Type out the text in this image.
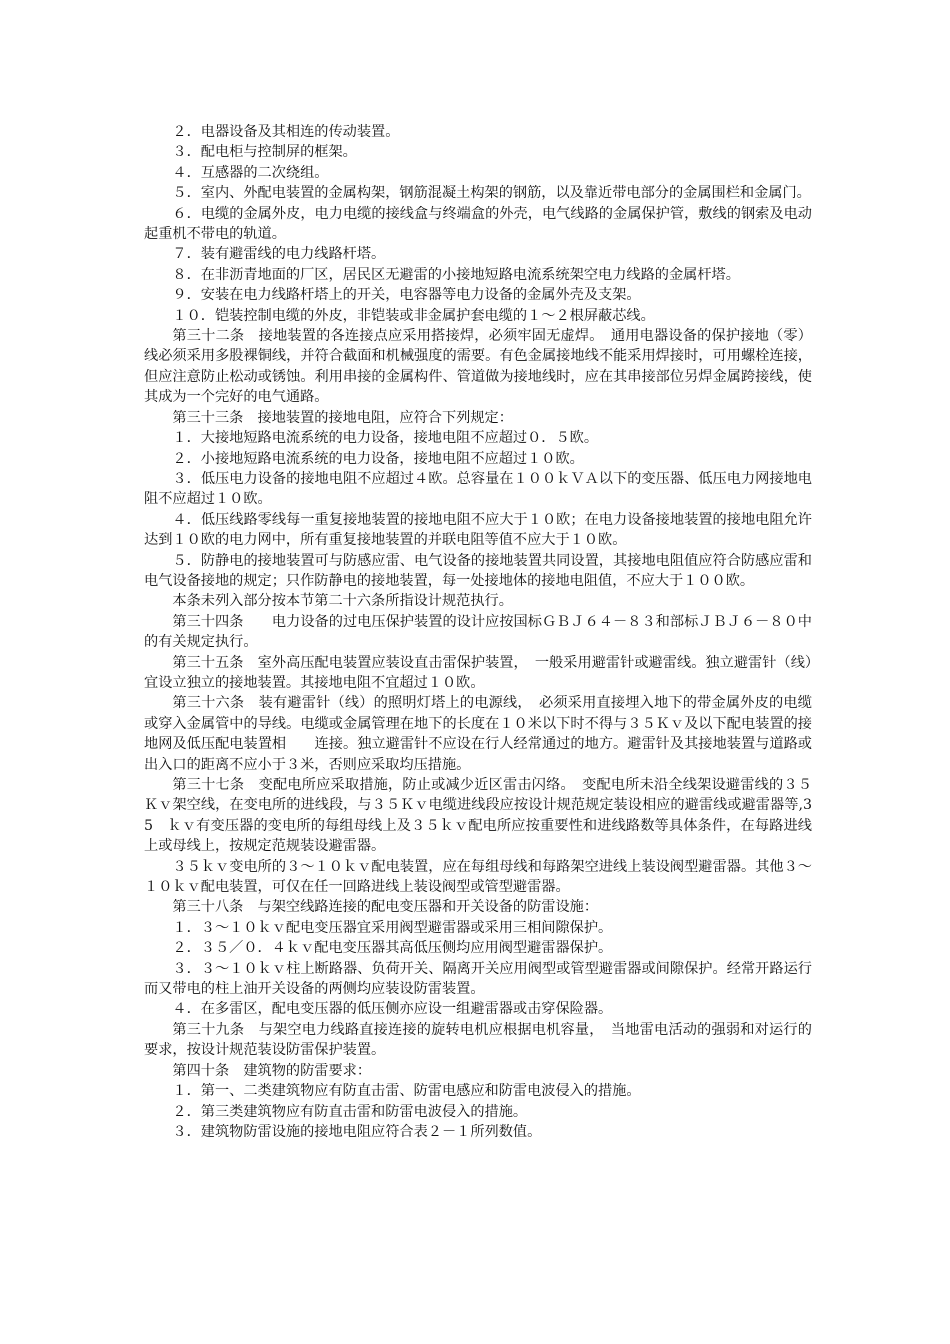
２．电器设备及其相连的传动装置。

３．配电柜与控制屏的框架。

４．互感器的二次绕组。

５．室内、外配电装置的金属构架，钢筋混凝土构架的钢筋，以及靠近带电部分的金属围栏和金属门。

６．电缆的金属外皮，电力电缆的接线盒与终端盒的外壳，电气线路的金属保护管，敷线的钢索及电动起重机不带电的轨道。

７．装有避雷线的电力线路杆塔。

８．在非沥青地面的厂区，居民区无避雷的小接地短路电流系统架空电力线路的金属杆塔。

９．安装在电力线路杆塔上的开关，电容器等电力设备的金属外壳及支架。

１０．铠装控制电缆的外皮，非铠装或非金属护套电缆的１～２根屏蔽芯线。

第三十二条　接地装置的各连接点应采用搭接焊，必须牢固无虚焊。　通用电器设备的保护接地（零）线必须采用多股裸铜线，并符合截面和机械强度的需要。有色金属接地线不能采用焊接时，可用螺栓连接，但应注意防止松动或锈蚀。利用串接的金属构件、管道做为接地线时，应在其串接部位另焊金属跨接线，使其成为一个完好的电气通路。

第三十三条　接地装置的接地电阻，应符合下列规定：

１．大接地短路电流系统的电力设备，接地电阻不应超过０．５欧。

２．小接地短路电流系统的电力设备，接地电阻不应超过１０欧。

３．低压电力设备的接地电阻不应超过４欧。总容量在１００ｋＶＡ以下的变压器、低压电力网接地电阻不应超过１０欧。

４．低压线路零线每一重复接地装置的接地电阻不应大于１０欧；在电力设备接地装置的接地电阻允许达到１０欧的电力网中，所有重复接地装置的并联电阻等值不应大于１０欧。

５．防静电的接地装置可与防感应雷、电气设备的接地装置共同设置，其接地电阻值应符合防感应雷和电气设备接地的规定；只作防静电的接地装置，每一处接地体的接地电阻值，不应大于１００欧。

本条未列入部分按本节第二十六条所指设计规范执行。

第三十四条　　电力设备的过电压保护装置的设计应按国标ＧＢＪ６４－８３和部标ＪＢＪ６－８０中的有关规定执行。

第三十五条　室外高压配电装置应装设直击雷保护装置，　一般采用避雷针或避雷线。独立避雷针（线）宜设立独立的接地装置。其接地电阻不宜超过１０欧。

第三十六条　装有避雷针（线）的照明灯塔上的电源线，　必须采用直接埋入地下的带金属外皮的电缆或穿入金属管中的导线。电缆或金属管理在地下的长度在１０米以下时不得与３５Ｋｖ及以下配电装置的接地网及低压配电装置相　　连接。独立避雷针不应设在行人经常通过的地方。避雷针及其接地装置与道路或出入口的距离不应小于３米，否则应采取均压措施。

第三十七条　变配电所应采取措施，防止或减少近区雷击闪络。　变配电所未沿全线架设避雷线的３５Ｋｖ架空线，在变电所的进线段，与３５Ｋｖ电缆进线段应按设计规范规定装设相应的避雷线或避雷器等,35　ｋｖ有变压器的变电所的每组母线上及３５ｋｖ配电所应按重要性和进线路数等具体条件，在每路进线上或母线上，按规定范规装设避雷器。

３５ｋｖ变电所的３～１０ｋｖ配电装置，应在每组母线和每路架空进线上装设阀型避雷器。其他３～１０ｋｖ配电装置，可仅在任一回路进线上装设阀型或管型避雷器。

第三十八条　与架空线路连接的配电变压器和开关设备的防雷设施：

１．３～１０ｋｖ配电变压器宜采用阀型避雷器或采用三相间隙保护。

２．３５／０．４ｋｖ配电变压器其高低压侧均应用阀型避雷器保护。

３．３～１０ｋｖ柱上断路器、负荷开关、隔离开关应用阀型或管型避雷器或间隙保护。经常开路运行而又带电的柱上油开关设备的两侧均应装设防雷装置。

４．在多雷区，配电变压器的低压侧亦应设一组避雷器或击穿保险器。

第三十九条　与架空电力线路直接连接的旋转电机应根据电机容量，　当地雷电活动的强弱和对运行的要求，按设计规范装设防雷保护装置。

第四十条　建筑物的防雷要求：

１．第一、二类建筑物应有防直击雷、防雷电感应和防雷电波侵入的措施。

２．第三类建筑物应有防直击雷和防雷电波侵入的措施。

３．建筑物防雷设施的接地电阻应符合表２－１所列数值。
